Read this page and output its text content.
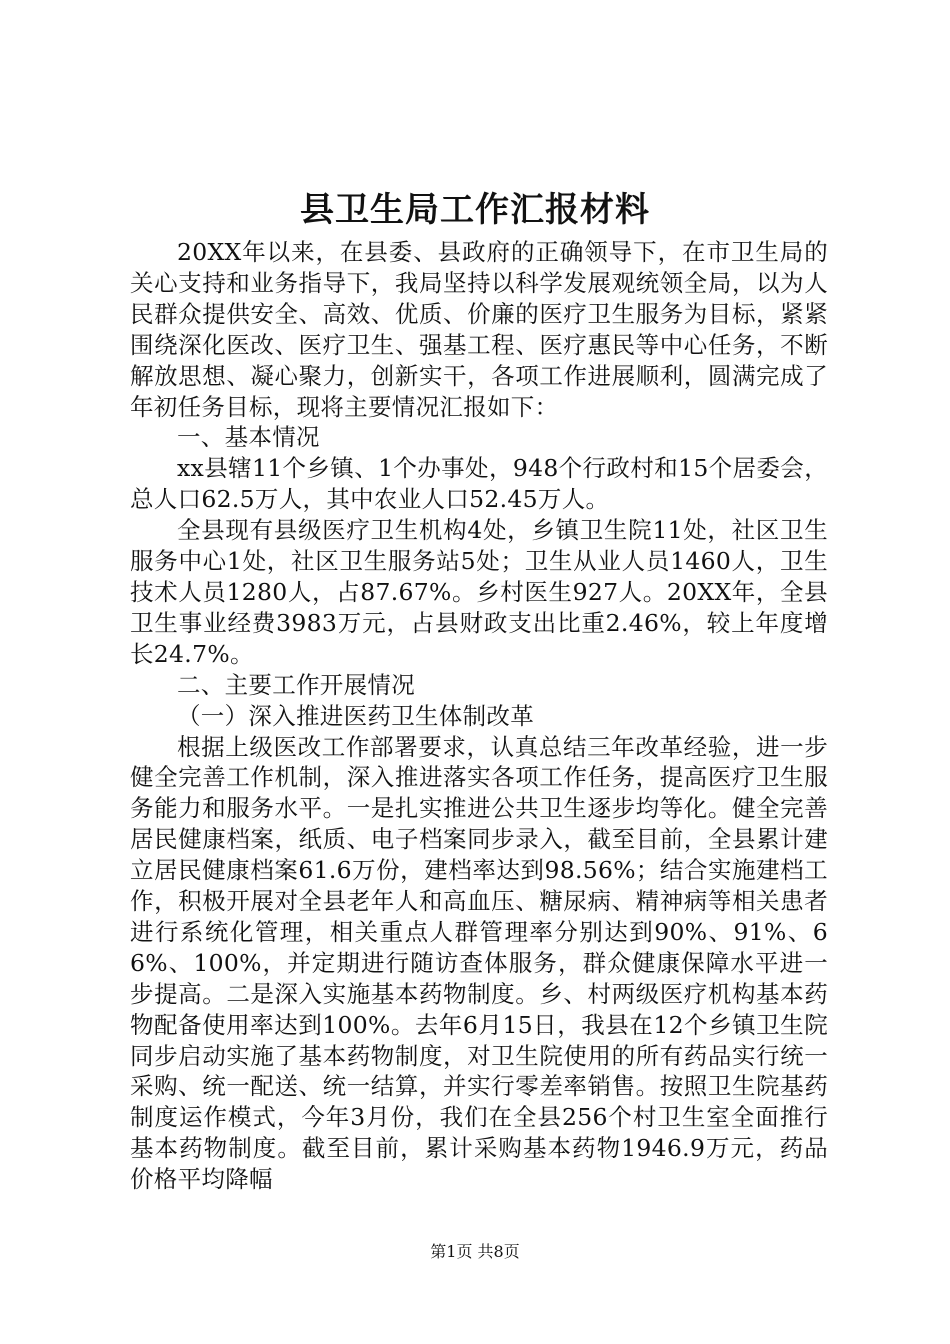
县卫生局工作汇报材料

20XX年以来，在县委、县政府的正确领导下，在市卫生局的关心支持和业务指导下，我局坚持以科学发展观统领全局，以为人民群众提供安全、高效、优质、价廉的医疗卫生服务为目标，紧紧围绕深化医改、医疗卫生、强基工程、医疗惠民等中心任务，不断解放思想、凝心聚力，创新实干，各项工作进展顺利，圆满完成了年初任务目标，现将主要情况汇报如下：

一、基本情况

xx县辖11个乡镇、1个办事处，948个行政村和15个居委会，总人口62.5万人，其中农业人口52.45万人。

全县现有县级医疗卫生机构4处，乡镇卫生院11处，社区卫生服务中心1处，社区卫生服务站5处；卫生从业人员1460人，卫生技术人员1280人，占87.67%。乡村医生927人。20XX年，全县卫生事业经费3983万元，占县财政支出比重2.46%，较上年度增长24.7%。

二、主要工作开展情况

（一）深入推进医药卫生体制改革

根据上级医改工作部署要求，认真总结三年改革经验，进一步健全完善工作机制，深入推进落实各项工作任务，提高医疗卫生服务能力和服务水平。一是扎实推进公共卫生逐步均等化。健全完善居民健康档案，纸质、电子档案同步录入，截至目前，全县累计建立居民健康档案61.6万份，建档率达到98.56%；结合实施建档工作，积极开展对全县老年人和高血压、糖尿病、精神病等相关患者进行系统化管理，相关重点人群管理率分别达到90%、91%、66%、100%，并定期进行随访查体服务，群众健康保障水平进一步提高。二是深入实施基本药物制度。乡、村两级医疗机构基本药物配备使用率达到100%。去年6月15日，我县在12个乡镇卫生院同步启动实施了基本药物制度，对卫生院使用的所有药品实行统一采购、统一配送、统一结算，并实行零差率销售。按照卫生院基药制度运作模式，今年3月份，我们在全县256个村卫生室全面推行基本药物制度。截至目前，累计采购基本药物1946.9万元，药品价格平均降幅

第1页 共8页
